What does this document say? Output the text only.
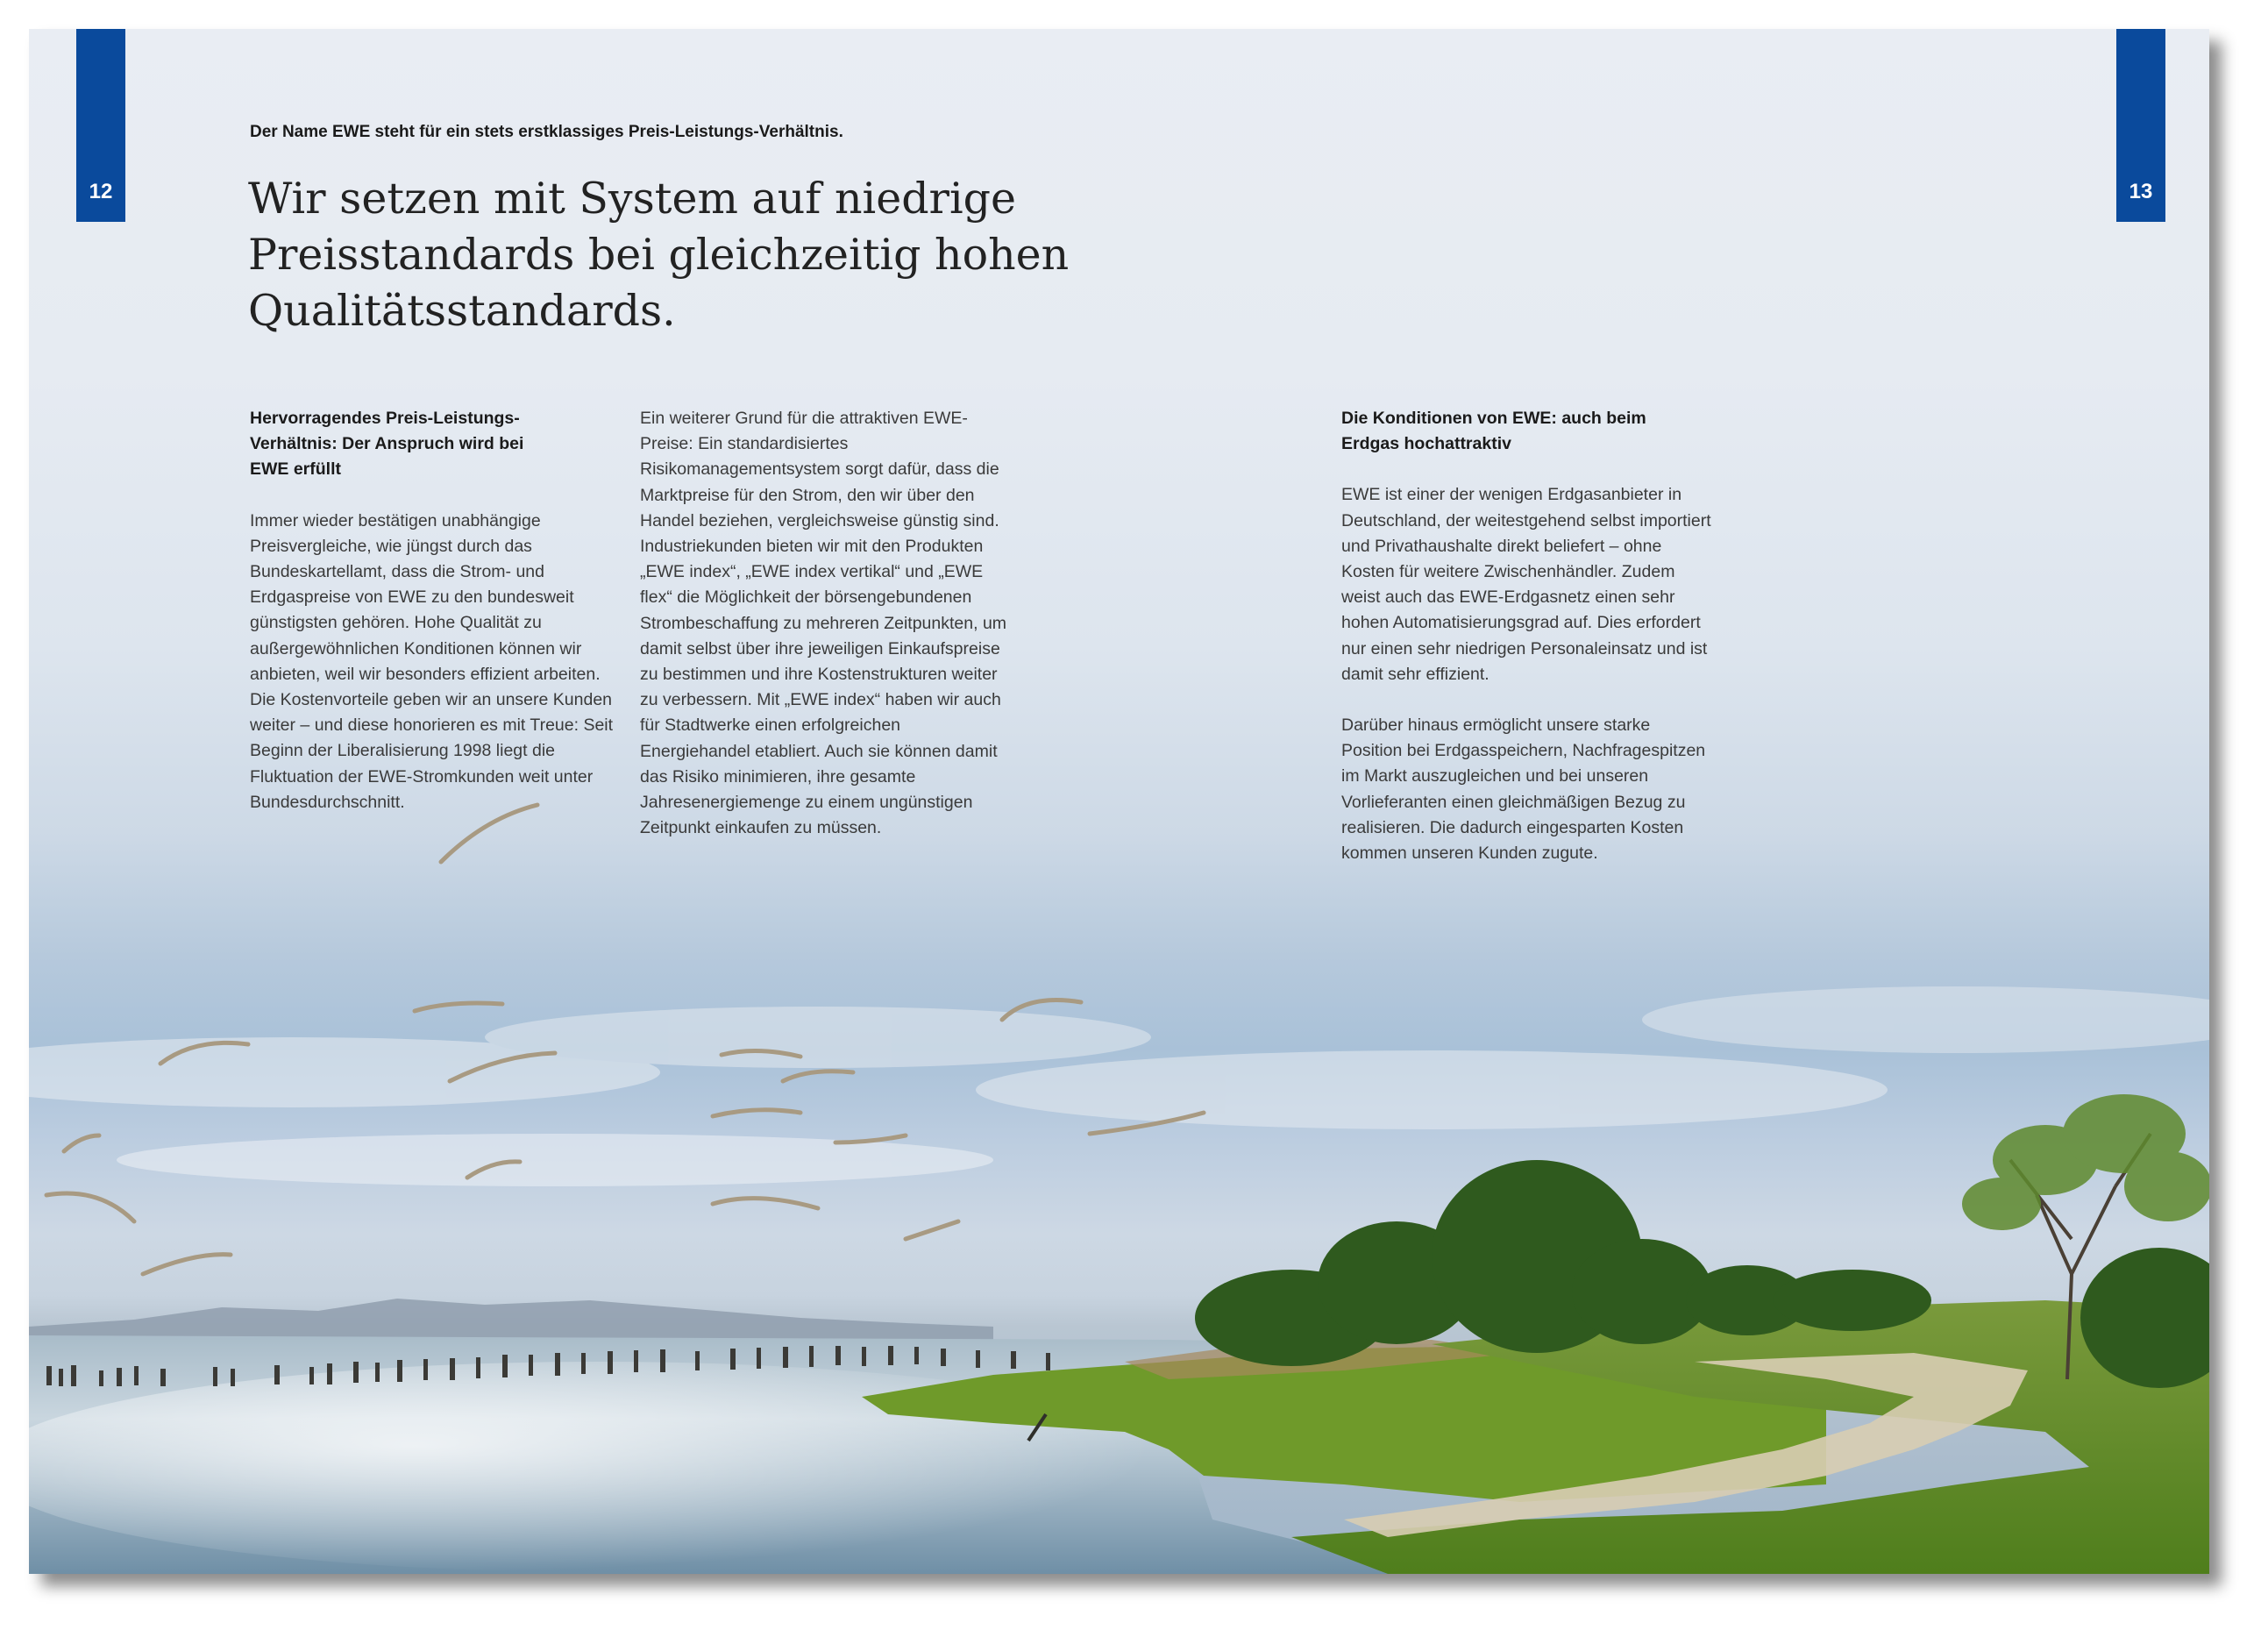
12	13
Der Name EWE steht für ein stets erstklassiges Preis-Leistungs-Verhältnis.
Wir setzen mit System auf niedrige
Preisstandards bei gleichzeitig hohen
Qualitätsstandards.
Hervorragendes Preis-Leistungs-
Verhältnis: Der Anspruch wird bei
EWE erfüllt

Immer wieder bestätigen unabhängige Preisvergleiche, wie jüngst durch das Bundeskartellamt, dass die Strom- und Erdgaspreise von EWE zu den bundesweit günstigsten gehören. Hohe Qualität zu außergewöhnlichen Konditionen können wir anbieten, weil wir besonders effizient arbeiten. Die Kostenvorteile geben wir an unsere Kunden weiter – und diese honorieren es mit Treue: Seit Beginn der Liberalisierung 1998 liegt die Fluktuation der EWE-Stromkunden weit unter Bundesdurchschnitt.

Ein weiterer Grund für die attraktiven EWE-Preise: Ein standardisiertes Risikomanagementsystem sorgt dafür, dass die Marktpreise für den Strom, den wir über den Handel beziehen, vergleichsweise günstig sind. Industriekunden bieten wir mit den Produkten „EWE index“, „EWE index vertikal“ und „EWE flex“ die Möglichkeit der börsengebundenen Strombeschaffung zu mehreren Zeitpunkten, um damit selbst über ihre jeweiligen Einkaufspreise zu bestimmen und ihre Kostenstrukturen weiter zu verbessern. Mit „EWE index“ haben wir auch für Stadtwerke einen erfolgreichen Energiehandel etabliert. Auch sie können damit das Risiko minimieren, ihre gesamte Jahresenergiemenge zu einem ungünstigen Zeitpunkt einkaufen zu müssen.

Die Konditionen von EWE: auch beim
Erdgas hochattraktiv

EWE ist einer der wenigen Erdgasanbieter in Deutschland, der weitestgehend selbst importiert und Privathaushalte direkt beliefert – ohne Kosten für weitere Zwischenhändler. Zudem weist auch das EWE-Erdgasnetz einen sehr hohen Automatisierungsgrad auf. Dies erfordert nur einen sehr niedrigen Personaleinsatz und ist damit sehr effizient.

Darüber hinaus ermöglicht unsere starke Position bei Erdgasspeichern, Nachfragespitzen im Markt auszugleichen und bei unseren Vorlieferanten einen gleichmäßigen Bezug zu realisieren. Die dadurch eingesparten Kosten kommen unseren Kunden zugute.
